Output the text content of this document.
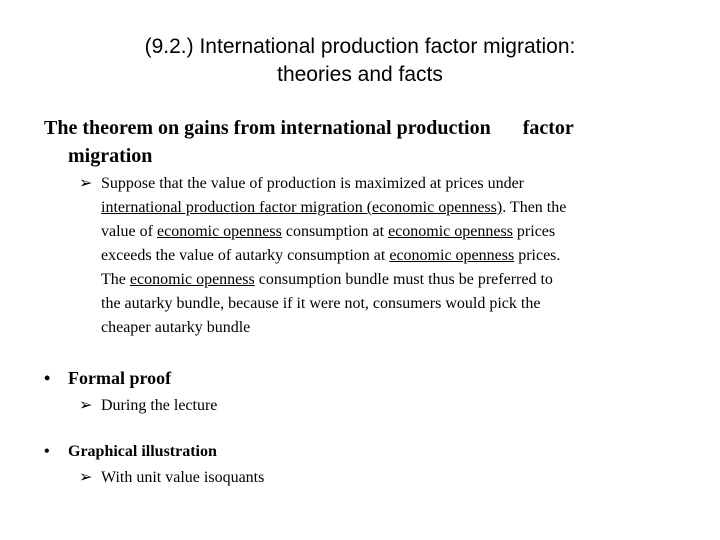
(9.2.) International production factor migration:
theories and facts
The theorem on gains from international production factor
migration
➢ Suppose that the value of production is maximized at prices under
international production factor migration (economic openness). Then the
value of economic openness consumption at economic openness prices
exceeds the value of autarky consumption at economic openness prices.
The economic openness consumption bundle must thus be preferred to
the autarky bundle, because if it were not, consumers would pick the
cheaper autarky bundle
• Formal proof
➢ During the lecture
• Graphical illustration
➢ With unit value isoquants
